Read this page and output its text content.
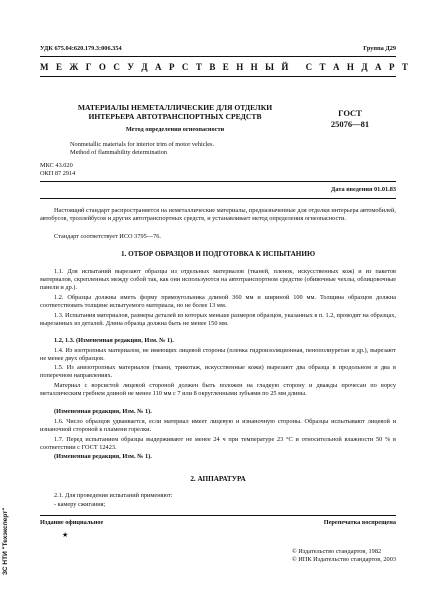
УДК 675.04:620.179.3:006.354	Группа Д29
М Е Ж Г О С У Д А Р С Т В Е Н Н Ы Й   С Т А Н Д А Р Т
МАТЕРИАЛЫ НЕМЕТАЛЛИЧЕСКИЕ ДЛЯ ОТДЕЛКИ
ИНТЕРЬЕРА АВТОТРАНСПОРТНЫХ СРЕДСТВ
Метод определения огнеопасности
ГОСТ
25076—81
Nonmetallic materials for interior trim of motor vehicles.
Method of flammability determination
МКС 43.020
ОКП 87 2914
Дата введения 01.01.83
Настоящий стандарт распространяется на неметаллические материалы, предназначенные для отделки интерьера автомобилей, автобусов, троллейбусов и других автотранспортных средств, и устанавливает метод определения огнеопасности.
Стандарт соответствует ИСО 3795—76.
1. ОТБОР ОБРАЗЦОВ И ПОДГОТОВКА К ИСПЫТАНИЮ
1.1. Для испытаний вырезают образцы из отдельных материалов (тканей, пленок, искусственных кож) и из пакетов материалов, скрепленных между собой так, как они используются на автотранспортном средстве (обивочные чехлы, облицовочные панели и др.).
1.2. Образцы должны иметь форму прямоугольника длиной 360 мм и шириной 100 мм. Толщина образцов должна соответствовать толщине испытуемого материала, но не более 13 мм.
1.3. Испытания материалов, размеры деталей из которых меньше размеров образцов, указанных в п. 1.2, проводят на образцах, вырезанных из деталей. Длина образца должна быть не менее 150 мм.
1.2, 1.3. (Измененная редакция, Изм. № 1).
1.4. Из изотропных материалов, не имеющих лицевой стороны (пленка гидроизоляционная, пенополиуретан и др.), вырезают не менее двух образцов.
1.5. Из анизотропных материалов (ткани, трикотаж, искусственные кожи) вырезают два образца в продольном и два в поперечном направлениях.
Материал с ворсистой лицевой стороной должен быть положен на гладкую сторону и дважды прочесан по ворсу металлическим гребнем длиной не менее 110 мм с 7 или 8 округленными зубьями по 25 мм длины.
(Измененная редакция, Изм. № 1).
1.6. Число образцов удваивается, если материал имеет лицевую и изнаночную стороны. Образцы испытывают лицевой и изнаночной стороной к пламени горелки.
1.7. Перед испытанием образцы выдерживают не менее 24 ч при температуре 23 °С и относительной влажности 50 % в соответствии с ГОСТ 12423.
(Измененная редакция, Изм. № 1).
2. АППАРАТУРА
2.1. Для проведения испытаний применяют:
- камеру сжигания;
Издание официальное	Перепечатка воспрещена
★
© Издательство стандартов, 1982
© ИПК Издательство стандартов, 2003
ЗС НТИ "Техэксперт"
